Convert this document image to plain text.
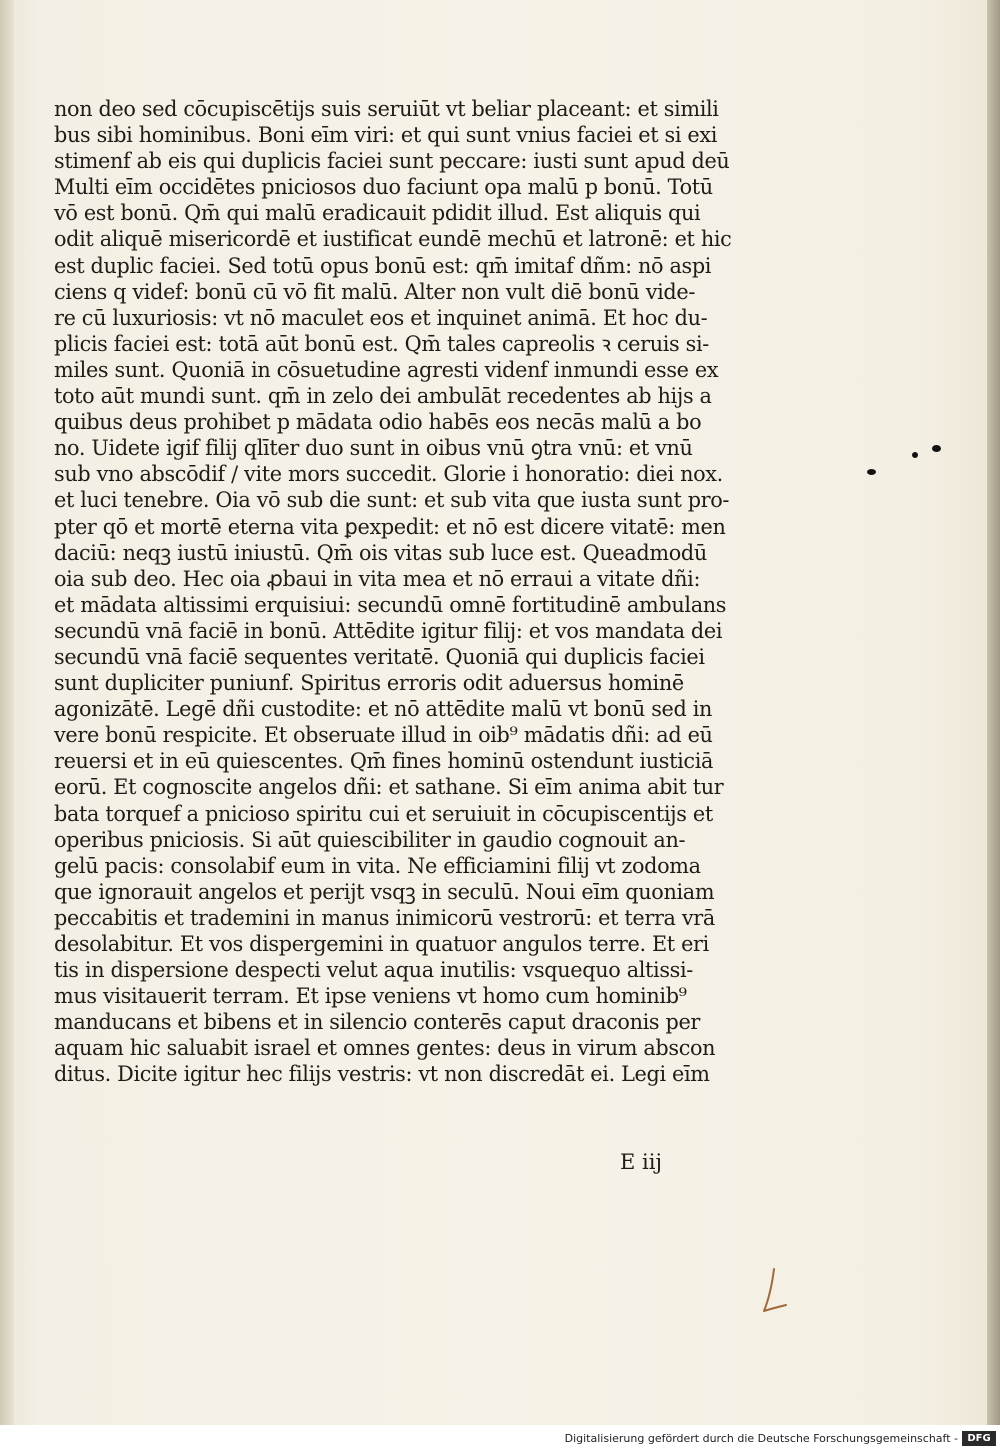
non deo sed cōcupiscētijs suis seruiūt vt beliar placeant: et simili
bus sibi hominibus. Boni eīm viri: et qui sunt vnius faciei et si exi
stimenf ab eis qui duplicis faciei sunt peccare: iusti sunt apud deū
Multi eīm occidētes pniciosos duo faciunt opa malū p bonū. Totū
vō est bonū. Qm̄ qui malū eradicauit pdidit illud. Est aliquis qui
odit aliquē misericordē et iustificat eundē mechū et latronē: et hic
est duplic faciei. Sed totū opus bonū est: qm̄ imitaf dñm: nō aspi
ciens q videf: bonū cū vō fit malū. Alter non vult diē bonū vide-
re cū luxuriosis: vt nō maculet eos et inquinet animā. Et hoc du-
plicis faciei est: totā aūt bonū est. Qm̄ tales capreolis ꝛ ceruis si-
miles sunt. Quoniā in cōsuetudine agresti videnf inmundi esse ex
toto aūt mundi sunt. qm̄ in zelo dei ambulāt recedentes ab hijs a
quibus deus prohibet p mādata odio habēs eos necās malū a bo
no. Uidete igif filij qlīter duo sunt in oibus vnū ꝯtra vnū: et vnū
sub vno abscōdif / vite mors succedit. Glorie i honoratio: diei nox.
et luci tenebre. Oia vō sub die sunt: et sub vita que iusta sunt pro-
pter qō et mortē eterna vita ꝑexpedit: et nō est dicere vitatē: men
daciū: neqꝫ iustū iniustū. Qm̄ ois vitas sub luce est. Queadmodū
oia sub deo. Hec oia ꝓbaui in vita mea et nō erraui a vitate dñi:
et mādata altissimi erquisiui: secundū omnē fortitudinē ambulans
secundū vnā faciē in bonū. Attēdite igitur filij: et vos mandata dei
secundū vnā faciē sequentes veritatē. Quoniā qui duplicis faciei
sunt dupliciter puniunf. Spiritus erroris odit aduersus hominē
agonizātē. Legē dñi custodite: et nō attēdite malū vt bonū sed in
vere bonū respicite. Et obseruate illud in oib⁹ mādatis dñi: ad eū
reuersi et in eū quiescentes. Qm̄ fines hominū ostendunt iusticiā
eorū. Et cognoscite angelos dñi: et sathane. Si eīm anima abit tur
bata torquef a pnicioso spiritu cui et seruiuit in cōcupiscentijs et
operibus pniciosis. Si aūt quiescibiliter in gaudio cognouit an-
gelū pacis: consolabif eum in vita. Ne efficiamini filij vt zodoma
que ignorauit angelos et perijt vsqꝫ in seculū. Noui eīm quoniam
peccabitis et trademini in manus inimicorū vestrorū: et terra vrā
desolabitur. Et vos dispergemini in quatuor angulos terre. Et eri
tis in dispersione despecti velut aqua inutilis: vsquequo altissi-
mus visitauerit terram. Et ipse veniens vt homo cum hominib⁹
manducans et bibens et in silencio conterēs caput draconis per
aquam hic saluabit israel et omnes gentes: deus in virum abscon
ditus. Dicite igitur hec filijs vestris: vt non discredāt ei. Legi eīm
E iij
Digitalisierung gefördert durch die Deutsche Forschungsgemeinschaft - DFG
